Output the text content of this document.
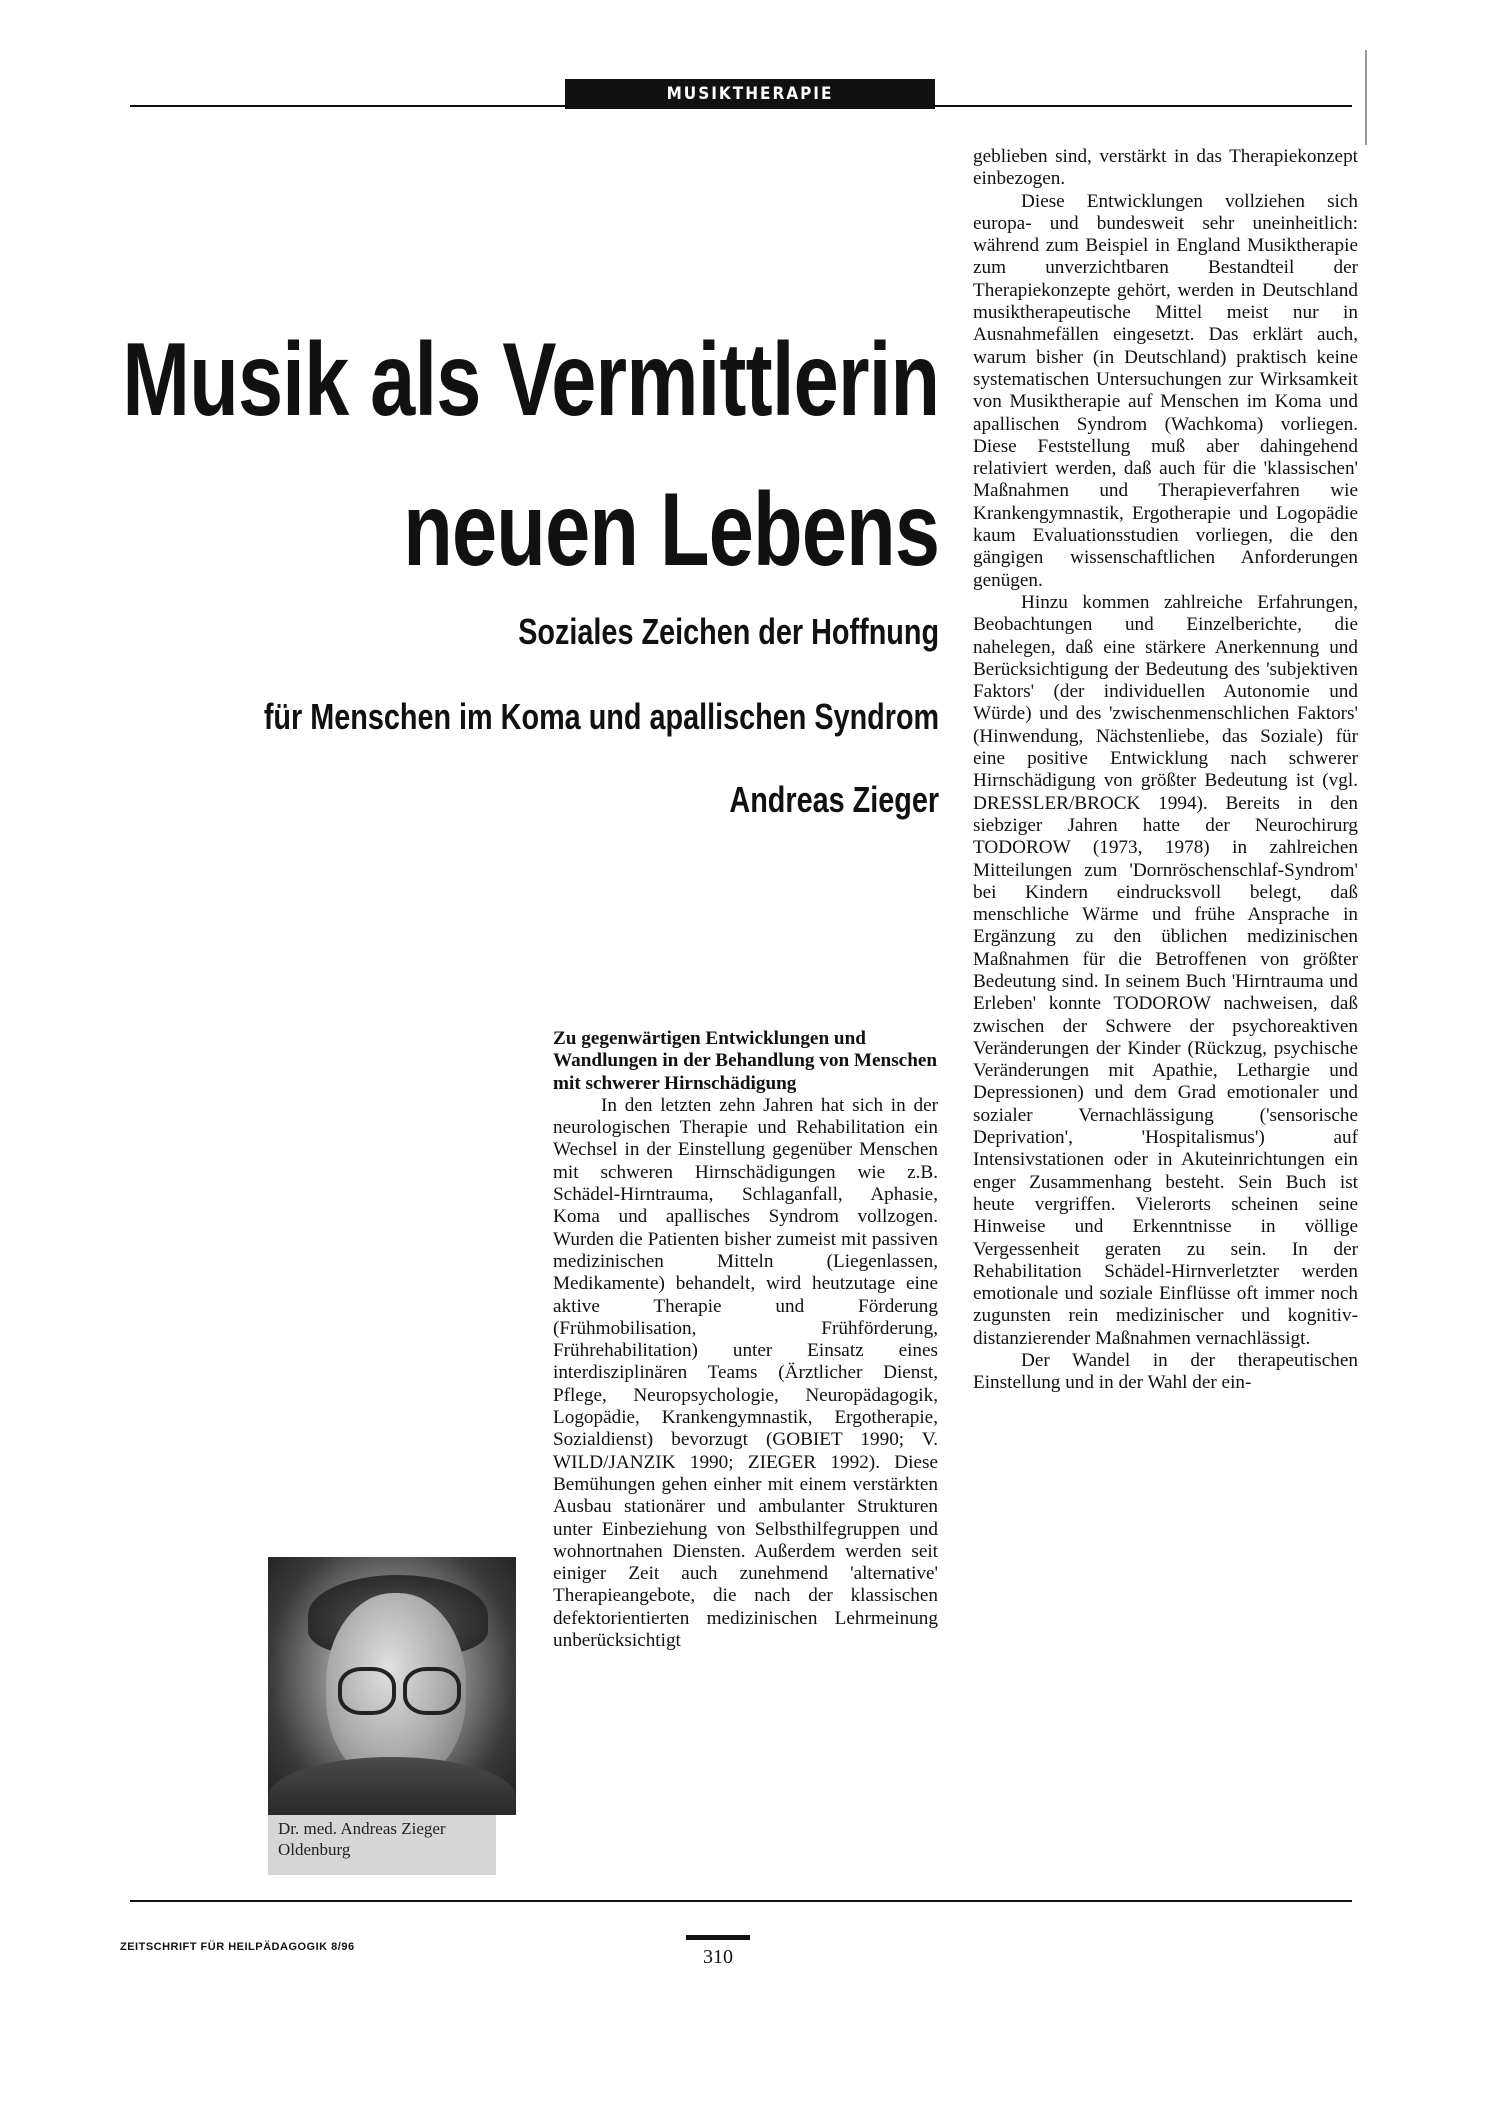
MUSIKTHERAPIE
Musik als Vermittlerin
neuen Lebens
Soziales Zeichen der Hoffnung
für Menschen im Koma und apallischen Syndrom
Andreas Zieger

geblieben sind, verstärkt in das Therapiekonzept einbezogen.

Diese Entwicklungen vollziehen sich europa- und bundesweit sehr uneinheitlich: während zum Beispiel in England Musiktherapie zum unverzichtbaren Bestandteil der Therapiekonzepte gehört, werden in Deutschland musiktherapeutische Mittel meist nur in Ausnahmefällen eingesetzt. Das erklärt auch, warum bisher (in Deutschland) praktisch keine systematischen Untersuchungen zur Wirksamkeit von Musiktherapie auf Menschen im Koma und apallischen Syndrom (Wachkoma) vorliegen. Diese Feststellung muß aber dahingehend relativiert werden, daß auch für die 'klassischen' Maßnahmen und Therapieverfahren wie Krankengymnastik, Ergotherapie und Logopädie kaum Evaluationsstudien vorliegen, die den gängigen wissenschaftlichen Anforderungen genügen.

Hinzu kommen zahlreiche Erfahrungen, Beobachtungen und Einzelberichte, die nahelegen, daß eine stärkere Anerkennung und Berücksichtigung der Bedeutung des 'subjektiven Faktors' (der individuellen Autonomie und Würde) und des 'zwischenmenschlichen Faktors' (Hinwendung, Nächstenliebe, das Soziale) für eine positive Entwicklung nach schwerer Hirnschädigung von größter Bedeutung ist (vgl. DRESSLER/BROCK 1994). Bereits in den siebziger Jahren hatte der Neurochirurg TODOROW (1973, 1978) in zahlreichen Mitteilungen zum 'Dornröschenschlaf-Syndrom' bei Kindern eindrucksvoll belegt, daß menschliche Wärme und frühe Ansprache in Ergänzung zu den üblichen medizinischen Maßnahmen für die Betroffenen von größter Bedeutung sind. In seinem Buch 'Hirntrauma und Erleben' konnte TODOROW nachweisen, daß zwischen der Schwere der psychoreaktiven Veränderungen der Kinder (Rückzug, psychische Veränderungen mit Apathie, Lethargie und Depressionen) und dem Grad emotionaler und sozialer Vernachlässigung ('sensorische Deprivation', 'Hospitalismus') auf Intensivstationen oder in Akuteinrichtungen ein enger Zusammenhang besteht. Sein Buch ist heute vergriffen. Vielerorts scheinen seine Hinweise und Erkenntnisse in völlige Vergessenheit geraten zu sein. In der Rehabilitation Schädel-Hirnverletzter werden emotionale und soziale Einflüsse oft immer noch zugunsten rein medizinischer und kognitiv-distanzierender Maßnahmen vernachlässigt.

Der Wandel in der therapeutischen Einstellung und in der Wahl der ein-

Zu gegenwärtigen Entwicklungen und Wandlungen in der Behandlung von Menschen mit schwerer Hirnschädigung

In den letzten zehn Jahren hat sich in der neurologischen Therapie und Rehabilitation ein Wechsel in der Einstellung gegenüber Menschen mit schweren Hirnschädigungen wie z.B. Schädel-Hirntrauma, Schlaganfall, Aphasie, Koma und apallisches Syndrom vollzogen. Wurden die Patienten bisher zumeist mit passiven medizinischen Mitteln (Liegenlassen, Medikamente) behandelt, wird heutzutage eine aktive Therapie und Förderung (Frühmobilisation, Frühförderung, Frührehabilitation) unter Einsatz eines interdisziplinären Teams (Ärztlicher Dienst, Pflege, Neuropsychologie, Neuropädagogik, Logopädie, Krankengymnastik, Ergotherapie, Sozialdienst) bevorzugt (GOBIET 1990; V. WILD/JANZIK 1990; ZIEGER 1992). Diese Bemühungen gehen einher mit einem verstärkten Ausbau stationärer und ambulanter Strukturen unter Einbeziehung von Selbsthilfegruppen und wohnortnahen Diensten. Außerdem werden seit einiger Zeit auch zunehmend 'alternative' Therapieangebote, die nach der klassischen defektorientierten medizinischen Lehrmeinung unberücksichtigt

Dr. med. Andreas Zieger
Oldenburg
ZEITSCHRIFT FÜR HEILPÄDAGOGIK 8/96	310
